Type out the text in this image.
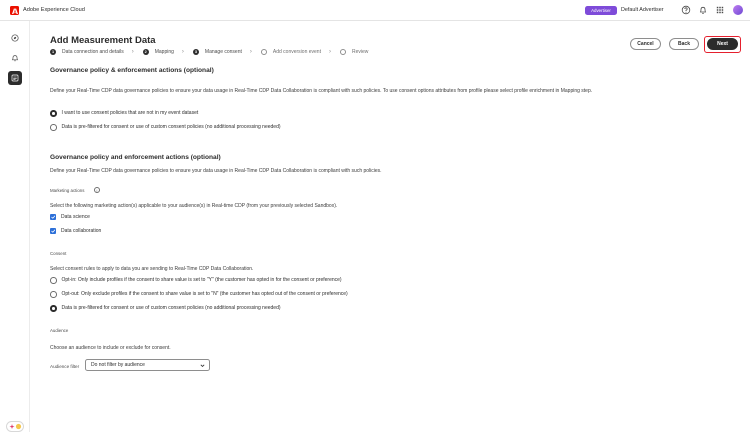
Adobe Experience Cloud	Advertiser	Default Advertiser
Add Measurement Data
1	Data connection and details ›	2	Mapping ›	3	Manage consent ›	Add conversion event ›	Review
Cancel	Back	Next
Governance policy & enforcement actions (optional)
Define your Real-Time CDP data governance policies to ensure your data usage in Real-Time CDP Data Collaboration is compliant with such policies. To use consent options attributes from profile please select profile enrichment in Mapping step.
I want to use consent policies that are not in my event dataset
Data is pre-filtered for consent or use of custom consent policies (no additional processing needed)
Governance policy and enforcement actions (optional)
Define your Real-Time CDP data governance policies to ensure your data usage in Real-Time CDP Data Collaboration is compliant with such policies.
Marketing actions	i
Select the following marketing action(s) applicable to your audience(s) in Real-time CDP (from your previously selected Sandbox).
Data science
Data collaboration
Consent
Select consent rules to apply to data you are sending to Real-Time CDP Data Collaboration.
Opt-in: Only include profiles if the consent to share value is set to "Y" (the customer has opted in for the consent or preference)
Opt-out: Only exclude profiles if the consent to share value is set to "N" (the customer has opted out of the consent or preference)
Data is pre-filtered for consent or use of custom consent policies (no additional processing needed)
Audience
Choose an audience to include or exclude for consent.
Audience filter	Do not filter by audience
